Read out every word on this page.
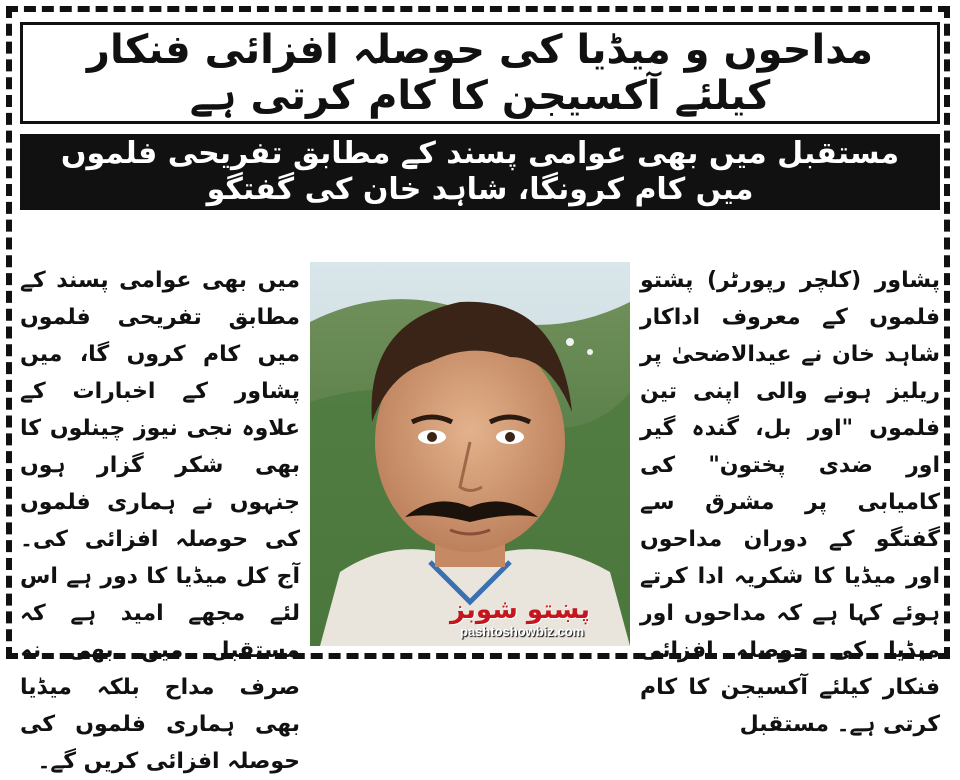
مداحوں و میڈیا کی حوصلہ افزائی فنکار کیلئے آکسیجن کا کام کرتی ہے
مستقبل میں بھی عوامی پسند کے مطابق تفریحی فلموں میں کام کرونگا، شاہد خان کی گفتگو
پشاور (کلچر رپورٹر) پشتو فلموں کے معروف اداکار شاہد خان نے عیدالاضحیٰ پر ریلیز ہونے والی اپنی تین فلموں "اور بل، گندہ گیر اور ضدی پختون" کی کامیابی پر مشرق سے گفتگو کے دوران مداحوں اور میڈیا کا شکریہ ادا کرتے ہوئے کہا ہے کہ مداحوں اور میڈیا کی حوصلہ افزائی فنکار کیلئے آکسیجن کا کام کرتی ہے۔ مستقبل
میں بھی عوامی پسند کے مطابق تفریحی فلموں میں کام کروں گا، میں پشاور کے اخبارات کے علاوہ نجی نیوز چینلوں کا بھی شکر گزار ہوں جنہوں نے ہماری فلموں کی حوصلہ افزائی کی۔ آج کل میڈیا کا دور ہے اس لئے مجھے امید ہے کہ مستقبل میں بھی نہ صرف مداح بلکہ میڈیا بھی ہماری فلموں کی حوصلہ افزائی کریں گے۔
پښتو شوبز
pashtoshowbiz.com
